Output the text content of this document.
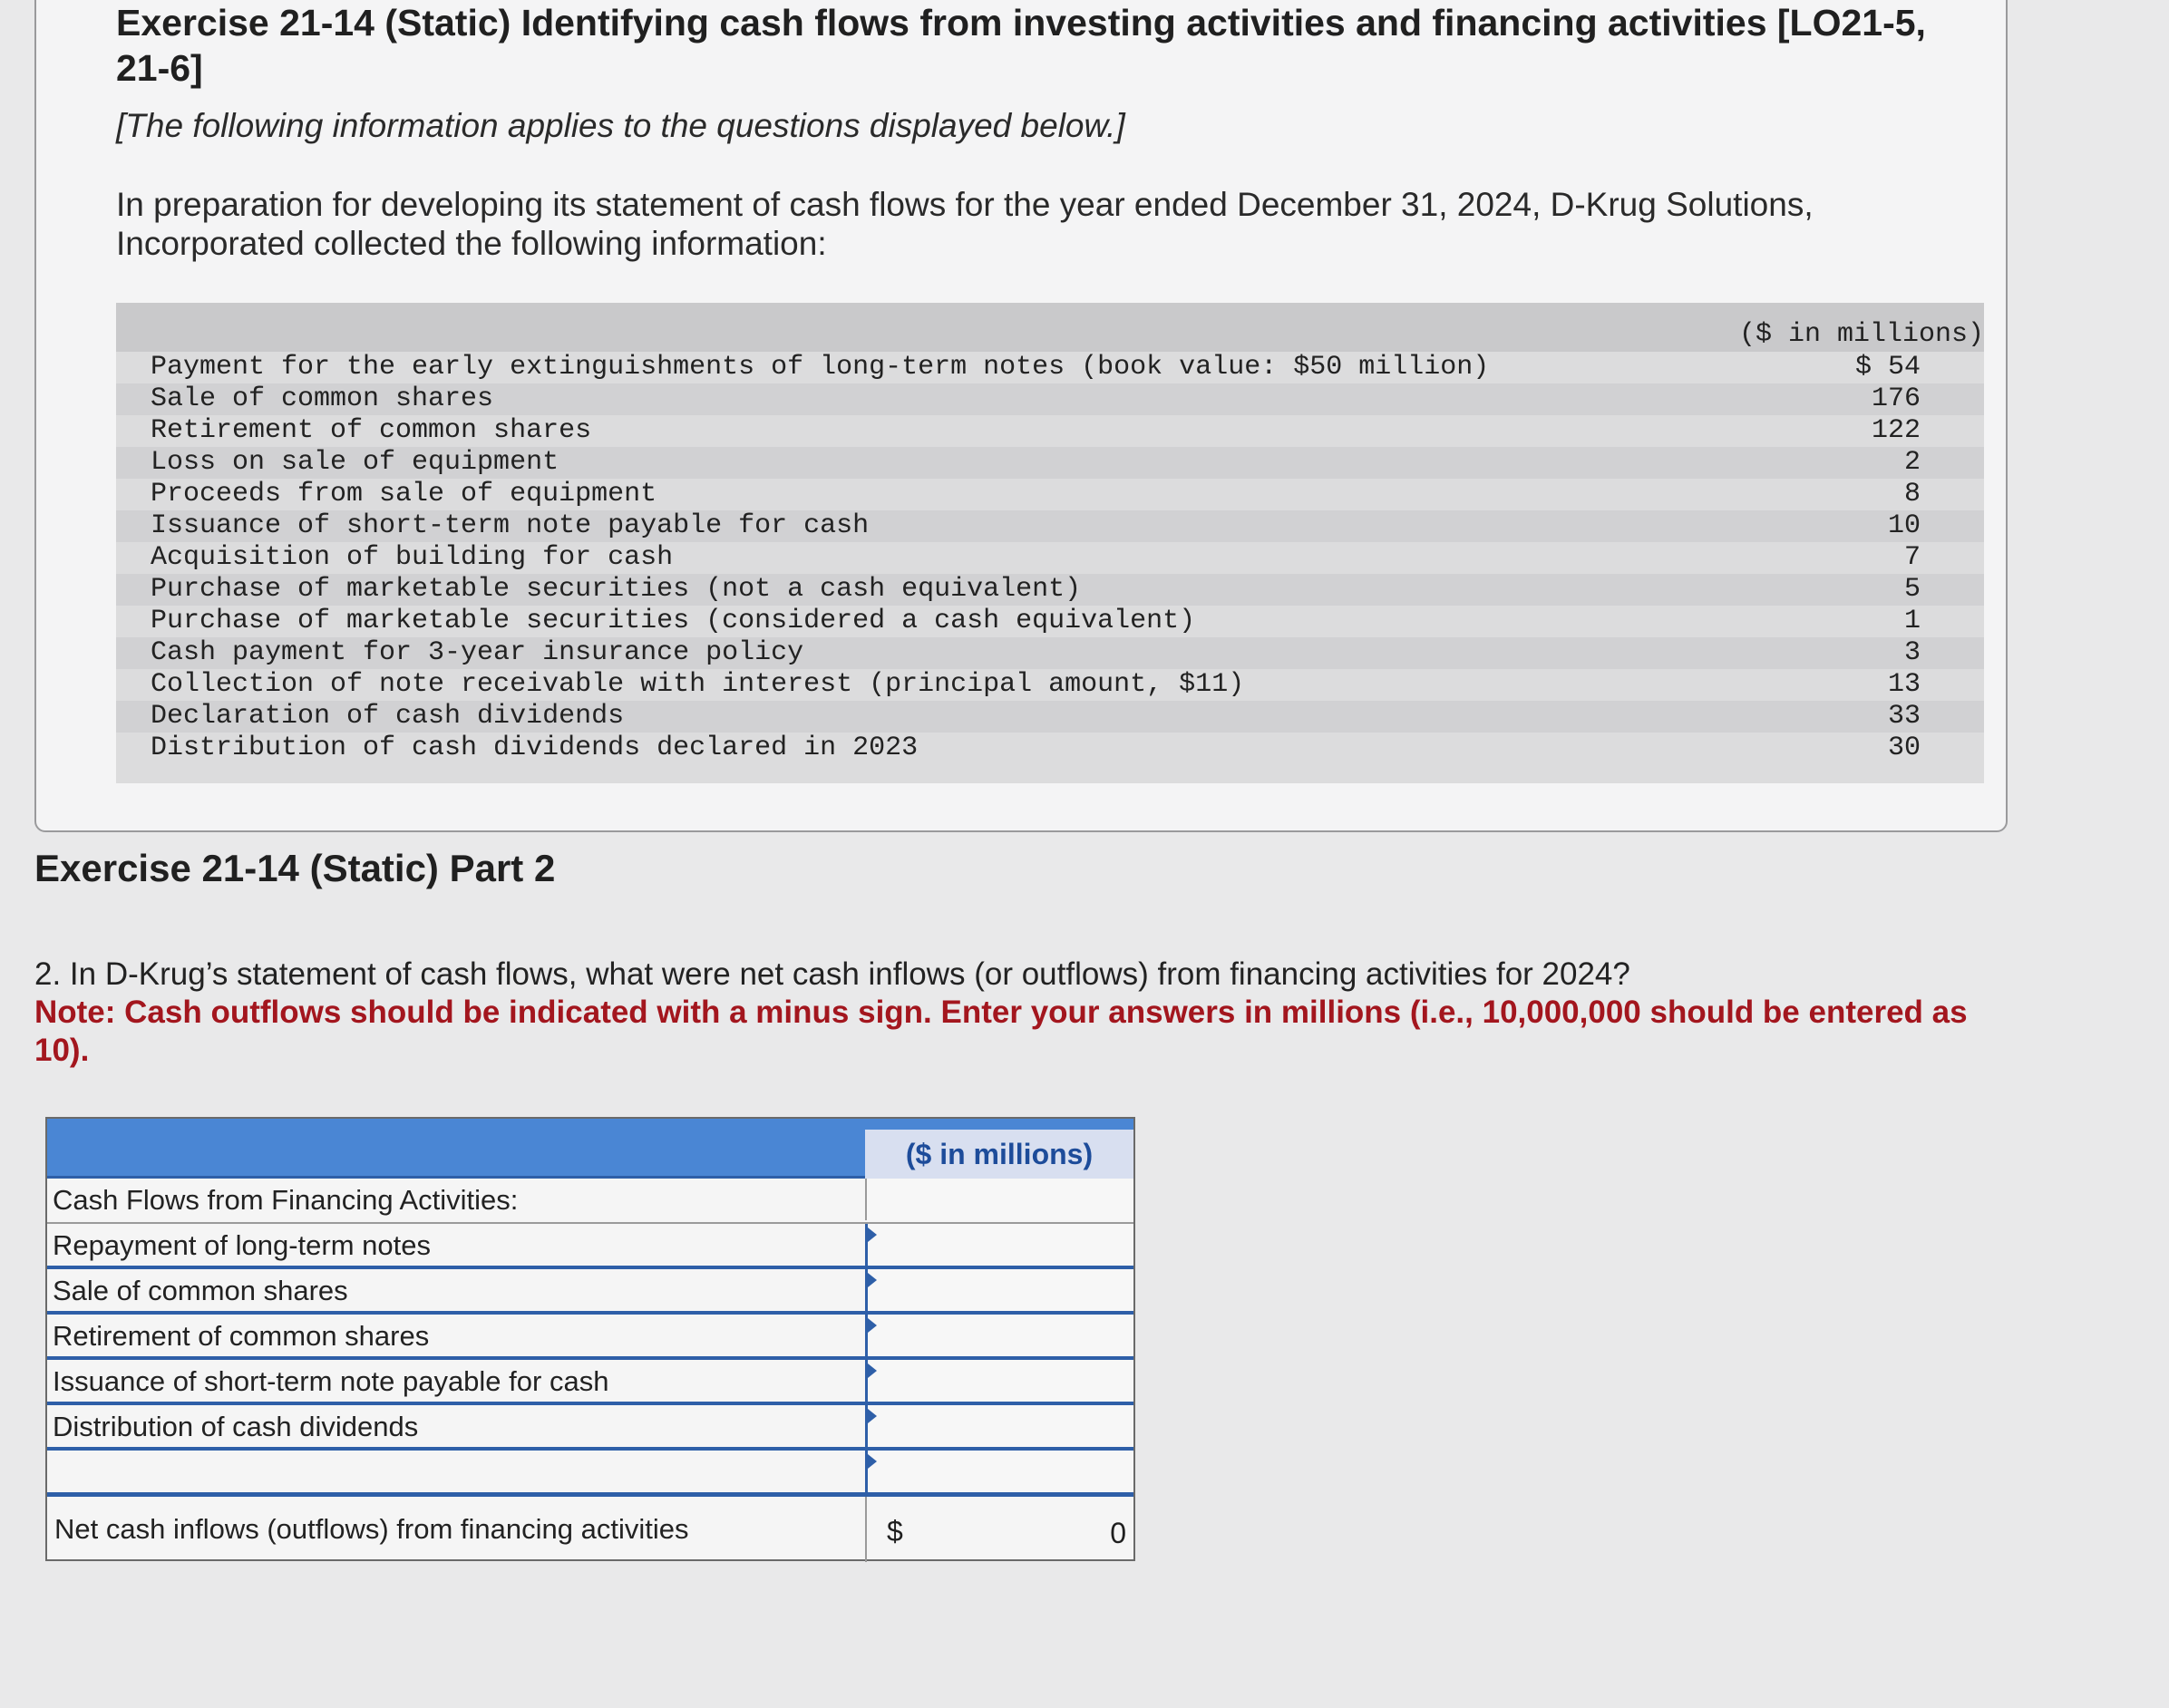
Exercise 21-14 (Static) Identifying cash flows from investing activities and financing activities [LO21-5, 21-6]
[The following information applies to the questions displayed below.]
In preparation for developing its statement of cash flows for the year ended December 31, 2024, D-Krug Solutions, Incorporated collected the following information:
($ in millions)
Payment for the early extinguishments of long-term notes (book value: $50 million)	$ 54
Sale of common shares	176
Retirement of common shares	122
Loss on sale of equipment	2
Proceeds from sale of equipment	8
Issuance of short-term note payable for cash	10
Acquisition of building for cash	7
Purchase of marketable securities (not a cash equivalent)	5
Purchase of marketable securities (considered a cash equivalent)	1
Cash payment for 3-year insurance policy	3
Collection of note receivable with interest (principal amount, $11)	13
Declaration of cash dividends	33
Distribution of cash dividends declared in 2023	30
Exercise 21-14 (Static) Part 2
2. In D-Krug’s statement of cash flows, what were net cash inflows (or outflows) from financing activities for 2024?
Note: Cash outflows should be indicated with a minus sign. Enter your answers in millions (i.e., 10,000,000 should be entered as 10).
($ in millions)
Cash Flows from Financing Activities:
Repayment of long-term notes
Sale of common shares
Retirement of common shares
Issuance of short-term note payable for cash
Distribution of cash dividends
Net cash inflows (outflows) from financing activities	$	0
